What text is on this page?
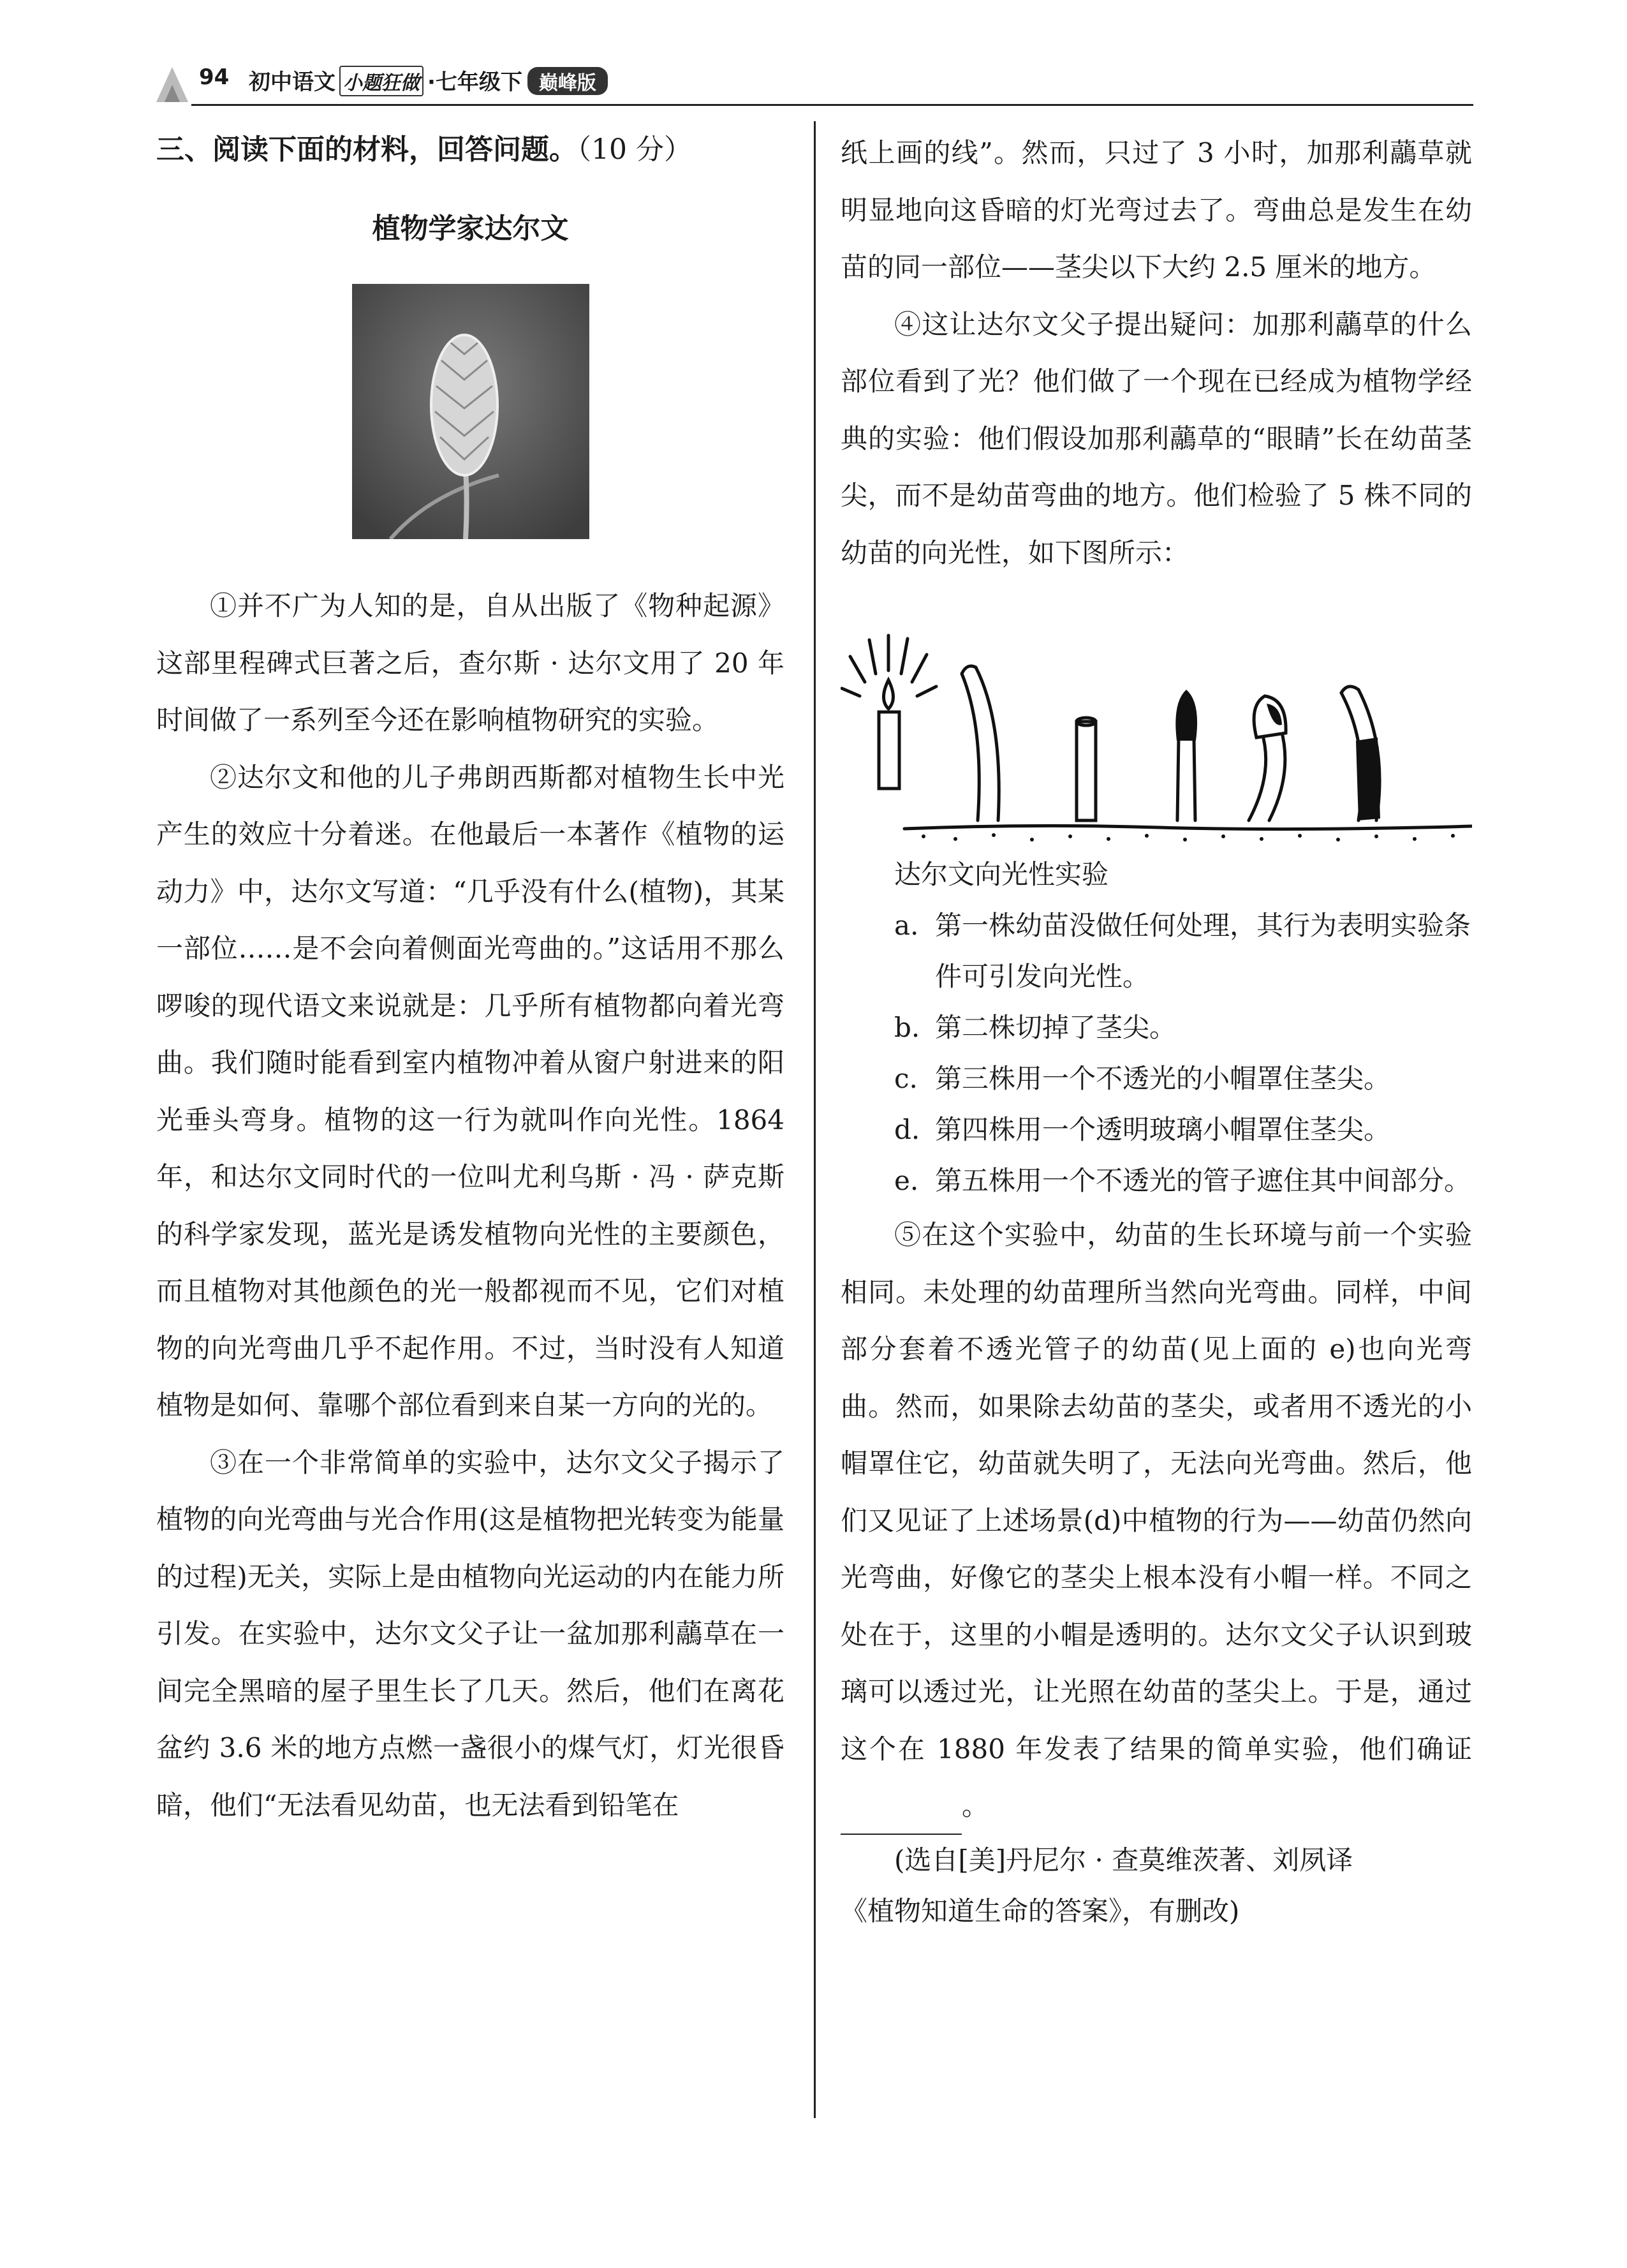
94 初中语文 小题狂做 ·七年级下 巅峰版

三、阅读下面的材料，回答问题。（10 分）

植物学家达尔文

①并不广为人知的是，自从出版了《物种起源》这部里程碑式巨著之后，查尔斯 · 达尔文用了 20 年时间做了一系列至今还在影响植物研究的实验。

②达尔文和他的儿子弗朗西斯都对植物生长中光产生的效应十分着迷。在他最后一本著作《植物的运动力》中，达尔文写道：“几乎没有什么(植物)，其某一部位……是不会向着侧面光弯曲的。”这话用不那么啰唆的现代语文来说就是：几乎所有植物都向着光弯曲。我们随时能看到室内植物冲着从窗户射进来的阳光垂头弯身。植物的这一行为就叫作向光性。1864 年，和达尔文同时代的一位叫尤利乌斯 · 冯 · 萨克斯的科学家发现，蓝光是诱发植物向光性的主要颜色，而且植物对其他颜色的光一般都视而不见，它们对植物的向光弯曲几乎不起作用。不过，当时没有人知道植物是如何、靠哪个部位看到来自某一方向的光的。

③在一个非常简单的实验中，达尔文父子揭示了植物的向光弯曲与光合作用(这是植物把光转变为能量的过程)无关，实际上是由植物向光运动的内在能力所引发。在实验中，达尔文父子让一盆加那利虉草在一间完全黑暗的屋子里生长了几天。然后，他们在离花盆约 3.6 米的地方点燃一盏很小的煤气灯，灯光很昏暗，他们“无法看见幼苗，也无法看到铅笔在

纸上画的线”。然而，只过了 3 小时，加那利虉草就明显地向这昏暗的灯光弯过去了。弯曲总是发生在幼苗的同一部位——茎尖以下大约 2.5 厘米的地方。

④这让达尔文父子提出疑问：加那利虉草的什么部位看到了光？他们做了一个现在已经成为植物学经典的实验：他们假设加那利虉草的“眼睛”长在幼苗茎尖，而不是幼苗弯曲的地方。他们检验了 5 株不同的幼苗的向光性，如下图所示：

达尔文向光性实验
a. 第一株幼苗没做任何处理，其行为表明实验条件可引发向光性。
b. 第二株切掉了茎尖。
c. 第三株用一个不透光的小帽罩住茎尖。
d. 第四株用一个透明玻璃小帽罩住茎尖。
e. 第五株用一个不透光的管子遮住其中间部分。

⑤在这个实验中，幼苗的生长环境与前一个实验相同。未处理的幼苗理所当然向光弯曲。同样，中间部分套着不透光管子的幼苗(见上面的 e)也向光弯曲。然而，如果除去幼苗的茎尖，或者用不透光的小帽罩住它，幼苗就失明了，无法向光弯曲。然后，他们又见证了上述场景(d)中植物的行为——幼苗仍然向光弯曲，好像它的茎尖上根本没有小帽一样。不同之处在于，这里的小帽是透明的。达尔文父子认识到玻璃可以透过光，让光照在幼苗的茎尖上。于是，通过这个在 1880 年发表了结果的简单实验，他们确证。

(选自[美]丹尼尔 · 查莫维茨著、刘夙译

《植物知道生命的答案》，有删改)
